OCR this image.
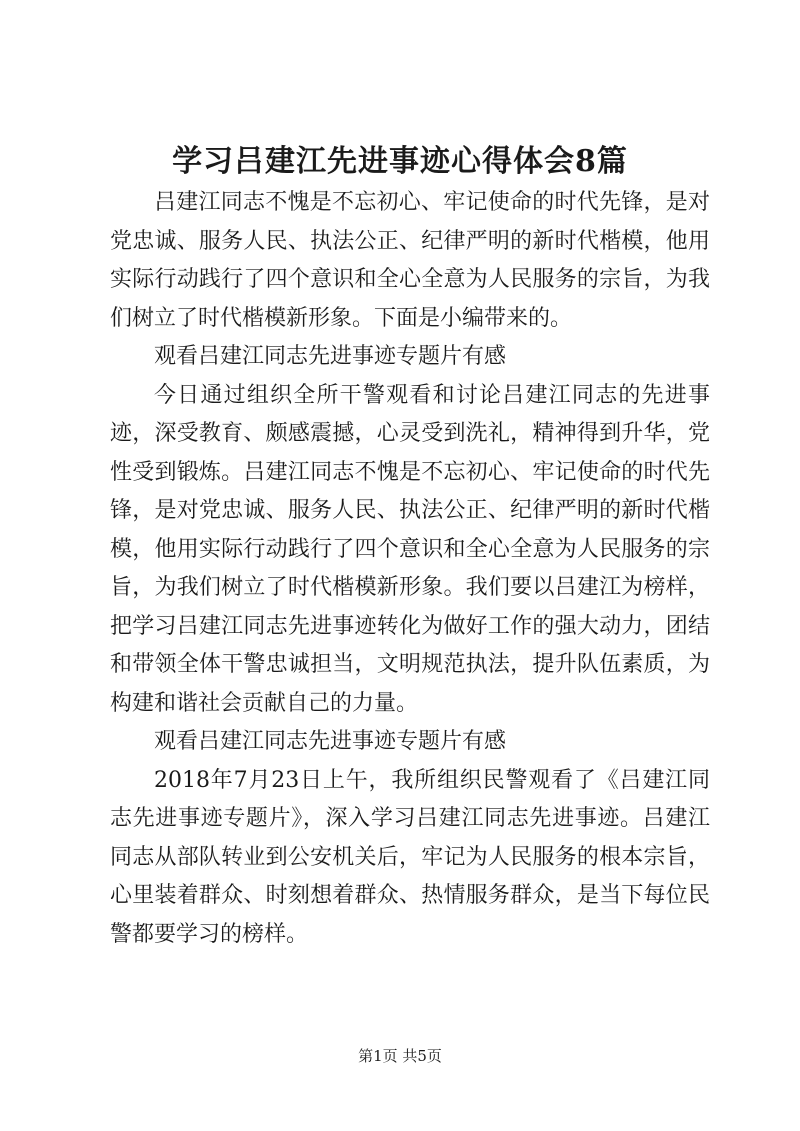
学习吕建江先进事迹心得体会8篇

吕建江同志不愧是不忘初心、牢记使命的时代先锋，是对党忠诚、服务人民、执法公正、纪律严明的新时代楷模，他用实际行动践行了四个意识和全心全意为人民服务的宗旨，为我们树立了时代楷模新形象。下面是小编带来的。

观看吕建江同志先进事迹专题片有感

今日通过组织全所干警观看和讨论吕建江同志的先进事迹，深受教育、颇感震撼，心灵受到洗礼，精神得到升华，党性受到锻炼。吕建江同志不愧是不忘初心、牢记使命的时代先锋，是对党忠诚、服务人民、执法公正、纪律严明的新时代楷模，他用实际行动践行了四个意识和全心全意为人民服务的宗旨，为我们树立了时代楷模新形象。我们要以吕建江为榜样，把学习吕建江同志先进事迹转化为做好工作的强大动力，团结和带领全体干警忠诚担当，文明规范执法，提升队伍素质，为构建和谐社会贡献自己的力量。

观看吕建江同志先进事迹专题片有感

2018年7月23日上午，我所组织民警观看了《吕建江同志先进事迹专题片》，深入学习吕建江同志先进事迹。吕建江同志从部队转业到公安机关后，牢记为人民服务的根本宗旨，心里装着群众、时刻想着群众、热情服务群众，是当下每位民警都要学习的榜样。

第1页 共5页
